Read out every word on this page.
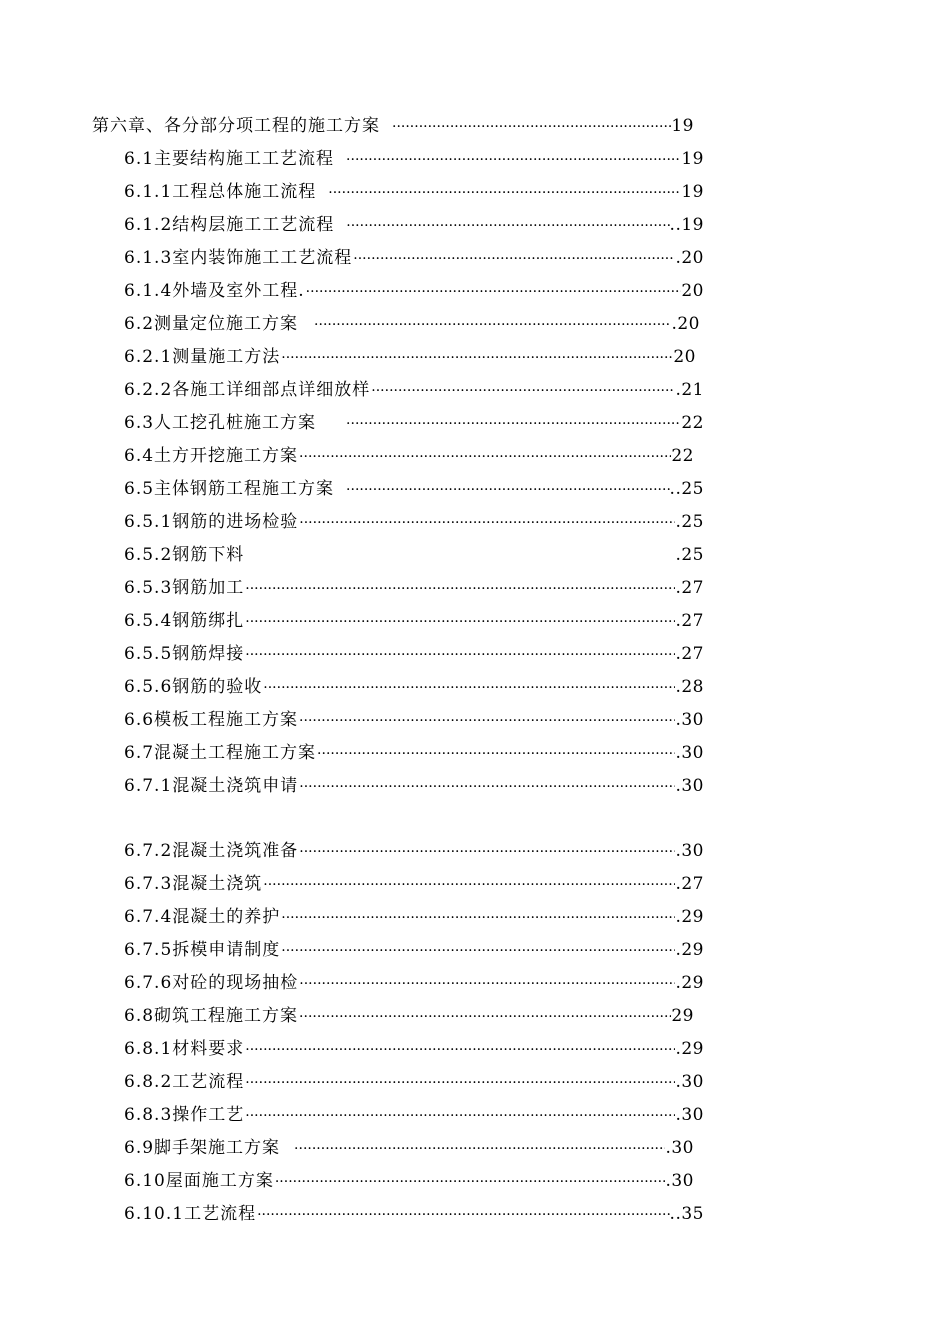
第六章、各分部分项工程的施工方案 ·····	19
6.1主要结构施工工艺流程 ·····	19
6.1.1工程总体施工流程 ·····	19
6.1.2结构层施工工艺流程 ·····	..19
6.1.3室内装饰施工工艺流程 ·····	.20
6.1.4外墙及室外工程. ·····	20
6.2测量定位施工方案 ·····	.20
6.2.1测量施工方法 ·····	20
6.2.2各施工详细部点详细放样 ·····	.21
6.3人工挖孔桩施工方案 ·····	22
6.4土方开挖施工方案 ·····	22
6.5主体钢筋工程施工方案 ·····	..25
6.5.1钢筋的进场检验 ·····	.25
6.5.2钢筋下料	.25
6.5.3钢筋加工 ·····	.27
6.5.4钢筋绑扎 ·····	.27
6.5.5钢筋焊接 ·····	.27
6.5.6钢筋的验收 ·····	.28
6.6模板工程施工方案 ·····	.30
6.7混凝土工程施工方案 ·····	.30
6.7.1混凝土浇筑申请 ·····	.30
6.7.2混凝土浇筑准备 ·····	.30
6.7.3混凝土浇筑 ·····	.27
6.7.4混凝土的养护 ·····	.29
6.7.5拆模申请制度 ·····	.29
6.7.6对砼的现场抽检 ·····	.29
6.8砌筑工程施工方案 ·····	29
6.8.1材料要求 ·····	.29
6.8.2工艺流程 ·····	.30
6.8.3操作工艺 ·····	.30
6.9脚手架施工方案 ·····	.30
6.10屋面施工方案 ·····	.30
6.10.1工艺流程 ·····	..35
